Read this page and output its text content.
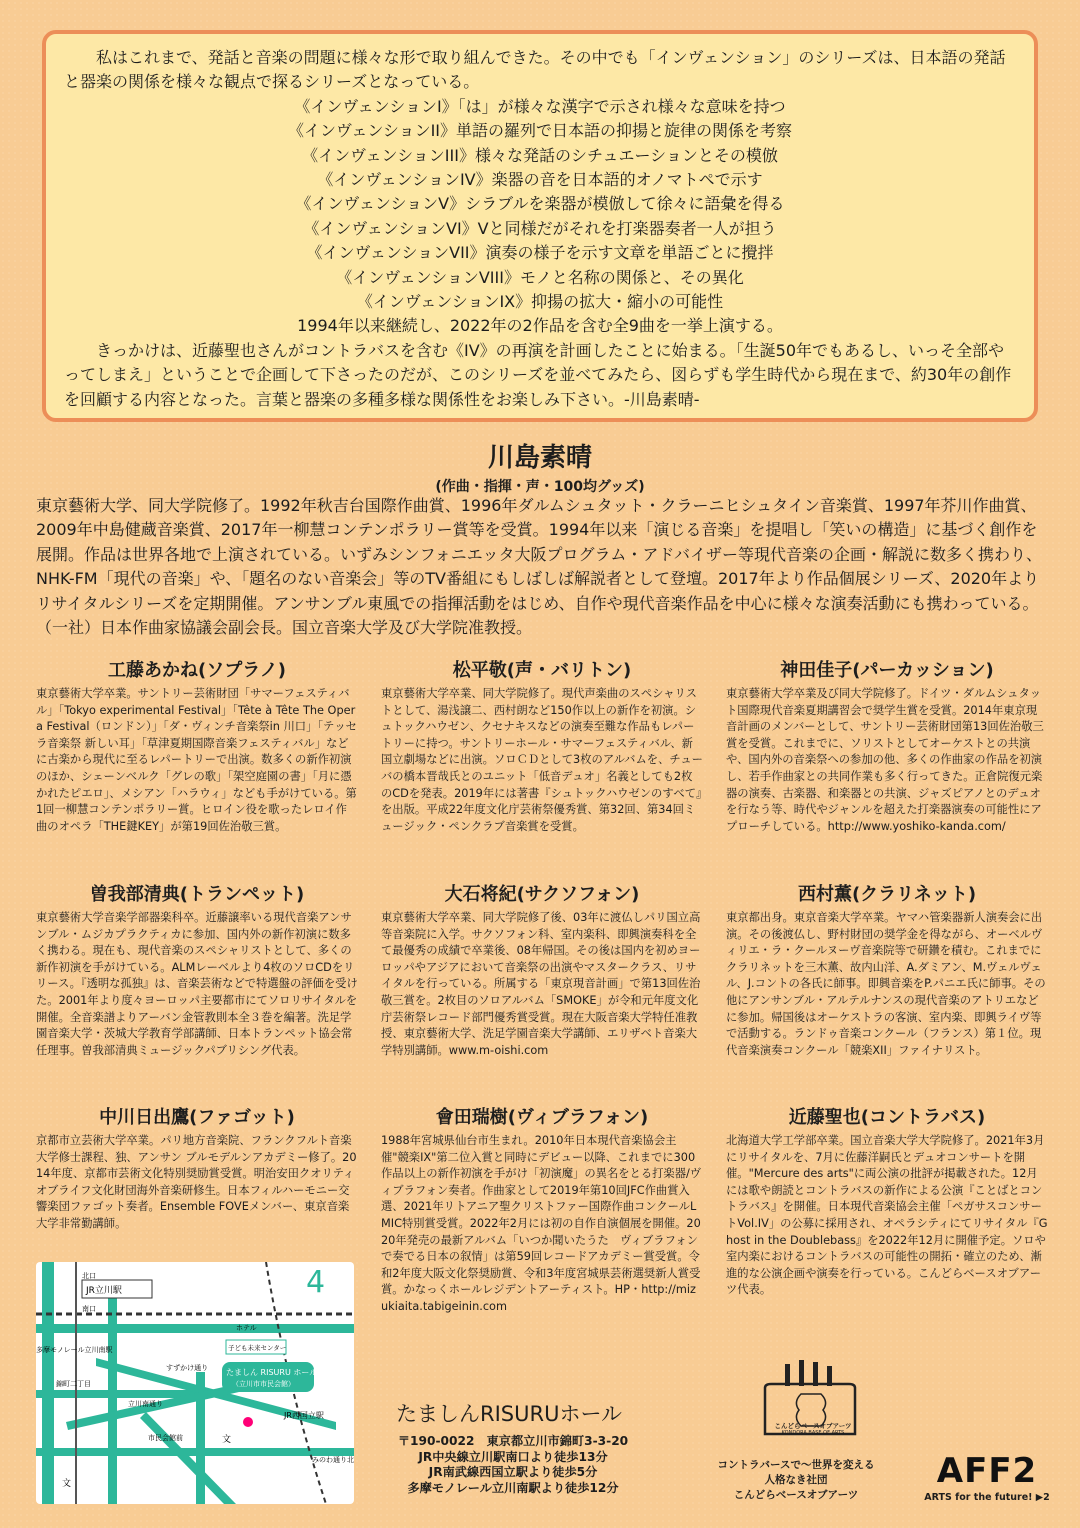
私はこれまで、発話と音楽の問題に様々な形で取り組んできた。その中でも「インヴェンション」のシリーズは、日本語の発話と器楽の関係を様々な観点で探るシリーズとなっている。

《インヴェンションI》「は」が様々な漢字で示され様々な意味を持つ
《インヴェンションII》単語の羅列で日本語の抑揚と旋律の関係を考察
《インヴェンションIII》様々な発話のシチュエーションとその模倣
《インヴェンションIV》楽器の音を日本語的オノマトペで示す
《インヴェンションV》シラブルを楽器が模倣して徐々に語彙を得る
《インヴェンションVI》Vと同様だがそれを打楽器奏者一人が担う
《インヴェンションVII》演奏の様子を示す文章を単語ごとに攪拌
《インヴェンションVIII》モノと名称の関係と、その異化
《インヴェンションIX》抑揚の拡大・縮小の可能性
1994年以来継続し、2022年の2作品を含む全9曲を一挙上演する。

きっかけは、近藤聖也さんがコントラバスを含む《IV》の再演を計画したことに始まる。「生誕50年でもあるし、いっそ全部やってしまえ」ということで企画して下さったのだが、このシリーズを並べてみたら、図らずも学生時代から現在まで、約30年の創作を回顧する内容となった。言葉と器楽の多種多様な関係性をお楽しみ下さい。-川島素晴-

川島素晴
(作曲・指揮・声・100均グッズ)

東京藝術大学、同大学院修了。1992年秋吉台国際作曲賞、1996年ダルムシュタット・クラーニヒシュタイン音楽賞、1997年芥川作曲賞、2009年中島健蔵音楽賞、2017年一柳慧コンテンポラリー賞等を受賞。1994年以来「演じる音楽」を提唱し「笑いの構造」に基づく創作を展開。作品は世界各地で上演されている。いずみシンフォニエッタ大阪プログラム・アドバイザー等現代音楽の企画・解説に数多く携わり、NHK-FM「現代の音楽」や、「題名のない音楽会」等のTV番組にもしばしば解説者として登壇。2017年より作品個展シリーズ、2020年よりリサイタルシリーズを定期開催。アンサンブル東風での指揮活動をはじめ、自作や現代音楽作品を中心に様々な演奏活動にも携わっている。（一社）日本作曲家協議会副会長。国立音楽大学及び大学院准教授。

工藤あかね(ソプラノ)

東京藝術大学卒業。サントリー芸術財団「サマーフェスティバル」「Tokyo experimental Festival」「Tête à Tête The Opera Festival（ロンドン）」「ダ・ヴィンチ音楽祭in 川口」「テッセラ音楽祭 新しい耳」「草津夏期国際音楽フェスティバル」などに古楽から現代に至るレパートリーで出演。数多くの新作初演のほか、シェーンベルク「グレの歌」「架空庭園の書」「月に憑かれたピエロ」、メシアン「ハラウィ」なども手がけている。第1回一柳慧コンテンポラリー賞。ヒロイン役を歌ったレロイ作曲のオペラ「THE鍵KEY」が第19回佐治敬三賞。

松平敬(声・バリトン)

東京藝術大学卒業、同大学院修了。現代声楽曲のスペシャリストとして、湯浅譲二、西村朗など150作以上の新作を初演。シュトックハウゼン、クセナキスなどの演奏至難な作品もレパートリーに持つ。サントリーホール・サマーフェスティバル、新国立劇場などに出演。ソロＣＤとして3枚のアルバムを、チューバの橋本晋哉氏とのユニット「低音デュオ」名義としても2枚のCDを発表。2019年には著書『シュトックハウゼンのすべて』を出版。平成22年度文化庁芸術祭優秀賞、第32回、第34回ミュージック・ペンクラブ音楽賞を受賞。

神田佳子(パーカッション)

東京藝術大学卒業及び同大学院修了。ドイツ・ダルムシュタット国際現代音楽夏期講習会で奨学生賞を受賞。2014年東京現音計画のメンバーとして、サントリー芸術財団第13回佐治敬三賞を受賞。これまでに、ソリストとしてオーケストとの共演や、国内外の音楽祭への参加の他、多くの作曲家の作品を初演し、若手作曲家との共同作業も多く行ってきた。正倉院復元楽器の演奏、古楽器、和楽器との共演、ジャズピアノとのデュオを行なう等、時代やジャンルを超えた打楽器演奏の可能性にアプローチしている。http://www.yoshiko-kanda.com/

曽我部清典(トランペット)

東京藝術大学音楽学部器楽科卒。近藤譲率いる現代音楽アンサンブル・ムジカプラクティカに参加、国内外の新作初演に数多く携わる。現在も、現代音楽のスペシャリストとして、多くの新作初演を手がけている。ALMレーベルより4枚のソロCDをリリース。『透明な孤独』は、音楽芸術などで特選盤の評価を受けた。2001年より度々ヨーロッパ主要都市にてソロリサイタルを開催。全音楽譜よりアーバン金管教則本全３巻を編著。洗足学園音楽大学・茨城大学教育学部講師、日本トランペット協会常任理事。曽我部清典ミュージックパブリシング代表。

大石将紀(サクソフォン)

東京藝術大学卒業、同大学院修了後、03年に渡仏しパリ国立高等音楽院に入学。サクソフォン科、室内楽科、即興演奏科を全て最優秀の成績で卒業後、08年帰国。その後は国内を初めヨーロッパやアジアにおいて音楽祭の出演やマスタークラス、リサイタルを行っている。所属する「東京現音計画」で第13回佐治敬三賞を。2枚目のソロアルバム「SMOKE」が令和元年度文化庁芸術祭レコード部門優秀賞受賞。現在大阪音楽大学特任准教授、東京藝術大学、洗足学園音楽大学講師、エリザベト音楽大学特別講師。www.m-oishi.com

西村薫(クラリネット)

東京都出身。東京音楽大学卒業。ヤマハ管楽器新人演奏会に出演。その後渡仏し、野村財団の奨学金を得ながら、オーベルヴィリエ・ラ・クールヌーヴ音楽院等で研鑽を積む。これまでにクラリネットを三木薫、故内山洋、A.ダミアン、M.ヴェルヴェル、J.コントの各氏に師事。即興音楽をP.パニエ氏に師事。その他にアンサンブル・アルテルナンスの現代音楽のアトリエなどに参加。帰国後はオーケストラの客演、室内楽、即興ライヴ等で活動する。ランドゥ音楽コンクール（フランス）第１位。現代音楽演奏コンクール「競楽XII」ファイナリスト。

中川日出鷹(ファゴット)

京都市立芸術大学卒業。パリ地方音楽院、フランクフルト音楽大学修士課程、独、アンサン ブルモデルンアカデミー修了。2014年度、京都市芸術文化特別奨励賞受賞。明治安田クオリティ オブライフ文化財団海外音楽研修生。日本フィルハーモニー交響楽団ファゴット奏者。Ensemble FOVEメンバー、東京音楽大学非常勤講師。

會田瑞樹(ヴィブラフォン)

1988年宮城県仙台市生まれ。2010年日本現代音楽協会主催"競楽IX"第二位入賞と同時にデビュー以降、これまでに300作品以上の新作初演を手がけ「初演魔」の異名をとる打楽器/ヴィブラフォン奏者。作曲家として2019年第10回JFC作曲賞入選、2021年リトアニア聖クリストファー国際作曲コンクールLMIC特別賞受賞。2022年2月には初の自作自演個展を開催。2020年発売の最新アルバム「いつか聞いたうた　ヴィブラフォンで奏でる日本の叙情」は第59回レコードアカデミー賞受賞。令和2年度大阪文化祭奨励賞、令和3年度宮城県芸術選奨新人賞受賞。かなっくホールレジデントアーティスト。HP・http://mizukiaita.tabigeinin.com

近藤聖也(コントラバス)

北海道大学工学部卒業。国立音楽大学大学院修了。2021年3月にリサイタルを、7月に佐藤洋嗣氏とデュオコンサートを開催。"Mercure des arts"に両公演の批評が掲載された。12月には歌や朗読とコントラバスの新作による公演『ことばとコントラバス』を開催。日本現代音楽協会主催「ペガサスコンサートVol.IV」の公募に採用され、オペラシティにてリサイタル『Ghost in the Doublebass』を2022年12月に開催予定。ソロや室内楽におけるコントラバスの可能性の開拓・確立のため、漸進的な公演企画や演奏を行っている。こんどらベースオブアーツ代表。

JR立川駅
北口
南口
多摩モノレール立川南駅
ホテル
子ども未来センター
たましん RISURU ホール
（立川市市民会館）
JR西国立駅
錦町二丁目
市民会館前
立川南通り
すずかけ通り
みのわ通り北
文
文
4
たましんRISURUホール
〒190-0022　東京都立川市錦町3-3-20
JR中央線立川駅南口より徒歩13分
JR南武線西国立駅より徒歩5分
多摩モノレール立川南駅より徒歩12分
こんどらベースオブアーツ
KONDORA BASE OF ARTS
コントラバースで～世界を変える
人格なき社団
こんどらベースオブアーツ
AFF2
ARTS for the future! ▶2
